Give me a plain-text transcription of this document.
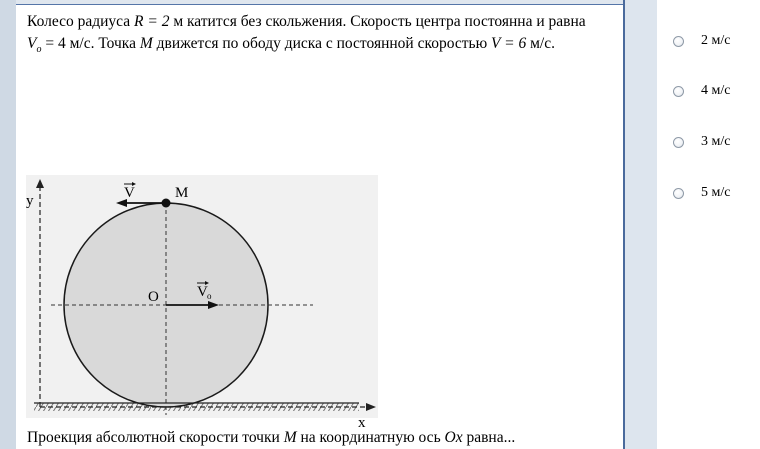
Колесо радиуса R = 2 м катится без скольжения. Скорость центра постоянна и равна
$V_o = 4$ м/с. Точка M движется по ободу диска с постоянной скоростью V = 6 м/с.
y
x
O
M
V
V o
Проекция абсолютной скорости точки M на координатную ось Ox равна...
2 м/с
4 м/с
3 м/с
5 м/с
